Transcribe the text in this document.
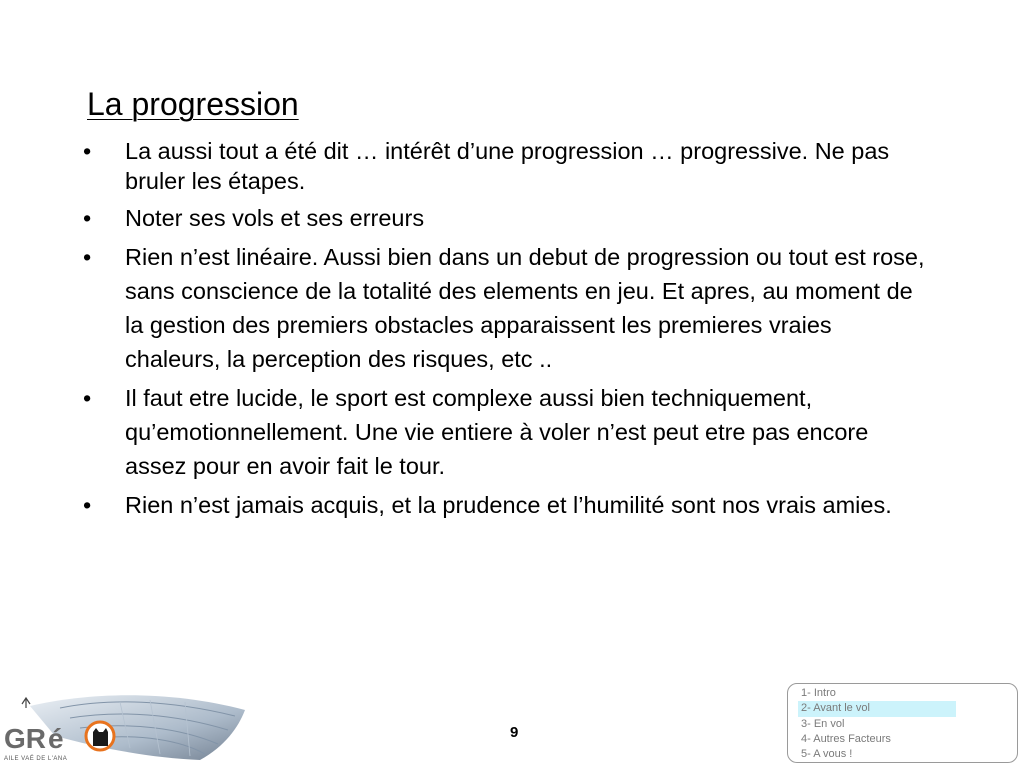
La progression
•	La aussi tout a été dit … intérêt d’une progression … progressive. Ne pas bruler les étapes.
•	Noter ses vols et ses erreurs
•	Rien n’est linéaire. Aussi bien dans un debut de progression ou tout est rose, sans conscience de la totalité des elements en jeu. Et apres, au moment de la gestion des premiers obstacles apparaissent les premieres vraies chaleurs, la perception des risques, etc ..
•	Il faut etre lucide, le sport est complexe aussi bien techniquement, qu’emotionnellement. Une vie entiere à voler n’est peut etre pas encore assez pour en avoir fait le tour.
•	Rien n’est jamais acquis, et la prudence et l’humilité sont nos vrais amies.
GR é
AILE VAÉ DE L'ANA
9
1- Intro
2- Avant le vol
3- En vol
4- Autres Facteurs
5- A vous !
